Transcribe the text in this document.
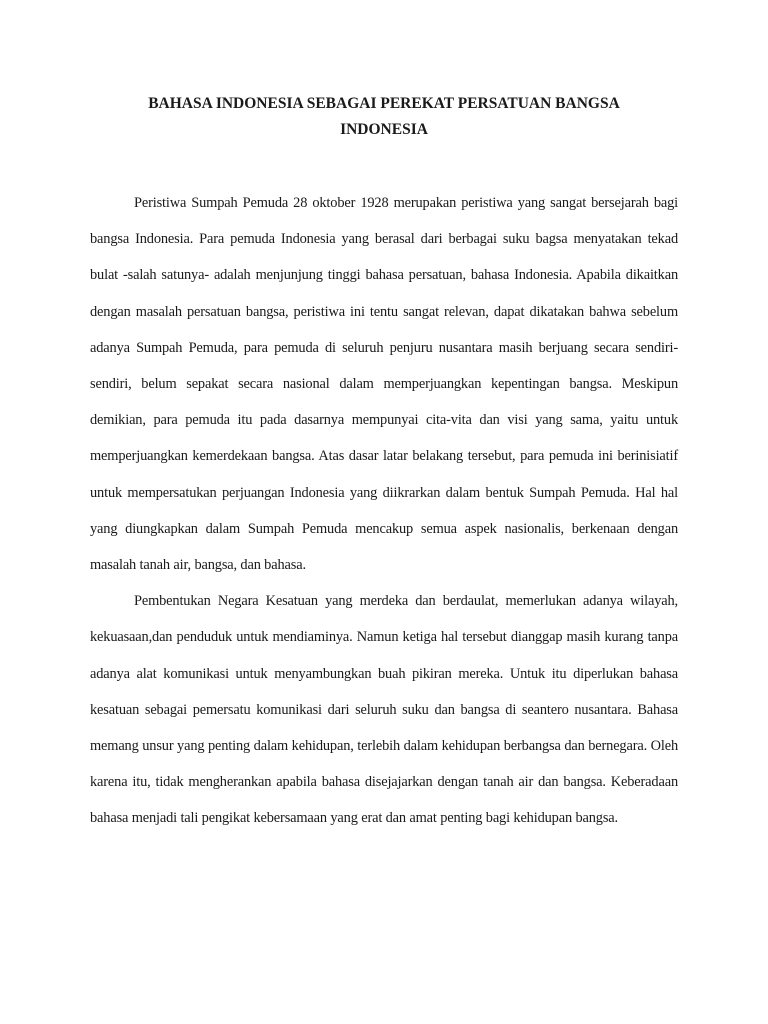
BAHASA INDONESIA SEBAGAI PEREKAT PERSATUAN BANGSA
INDONESIA

Peristiwa Sumpah Pemuda 28 oktober 1928 merupakan peristiwa yang sangat bersejarah bagi bangsa Indonesia. Para pemuda Indonesia yang berasal dari berbagai suku bagsa menyatakan tekad bulat -salah satunya- adalah menjunjung tinggi bahasa persatuan, bahasa Indonesia. Apabila dikaitkan dengan masalah persatuan bangsa, peristiwa ini tentu sangat relevan, dapat dikatakan bahwa sebelum adanya Sumpah Pemuda, para pemuda di seluruh penjuru nusantara masih berjuang secara sendiri-sendiri, belum sepakat secara nasional dalam memperjuangkan kepentingan bangsa. Meskipun demikian, para pemuda itu pada dasarnya mempunyai cita-vita dan visi yang sama, yaitu untuk memperjuangkan kemerdekaan bangsa. Atas dasar latar belakang tersebut, para pemuda ini berinisiatif untuk mempersatukan perjuangan Indonesia yang diikrarkan dalam bentuk Sumpah Pemuda. Hal hal yang diungkapkan dalam Sumpah Pemuda mencakup semua aspek nasionalis, berkenaan dengan masalah tanah air, bangsa, dan bahasa.

Pembentukan Negara Kesatuan yang merdeka dan berdaulat, memerlukan adanya wilayah, kekuasaan,dan penduduk untuk mendiaminya. Namun ketiga hal tersebut dianggap masih kurang tanpa adanya alat komunikasi untuk menyambungkan buah pikiran mereka. Untuk itu diperlukan bahasa kesatuan sebagai pemersatu komunikasi dari seluruh suku dan bangsa di seantero nusantara. Bahasa memang unsur yang penting dalam kehidupan, terlebih dalam kehidupan berbangsa dan bernegara. Oleh karena itu, tidak mengherankan apabila bahasa disejajarkan dengan tanah air dan bangsa. Keberadaan bahasa menjadi tali pengikat kebersamaan yang erat dan amat penting bagi kehidupan bangsa.
